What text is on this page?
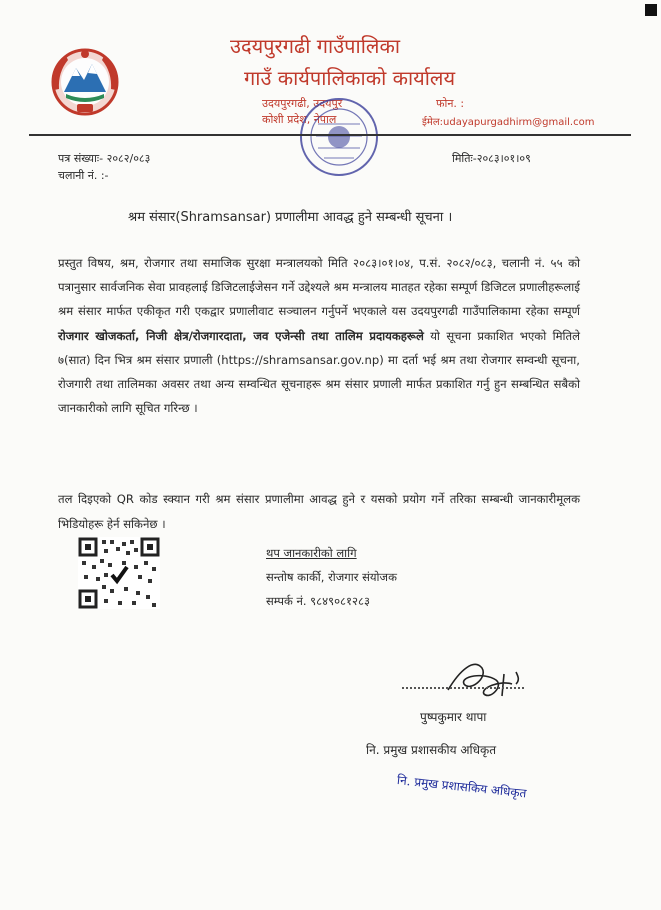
उदयपुरगढी गाउँपालिका
गाउँ कार्यपालिकाको कार्यालय
उदयपुरगढी, उदयपुर
कोशी प्रदेश, नेपाल
फोन. :
ईमेल:udayapurgadhirm@gmail.com
पत्र संख्याः- २०८२/०८३
चलानी नं. :-
मितिः-२०८३।०१।०९
श्रम संसार(Shramsansar) प्रणालीमा आवद्ध हुने सम्बन्धी सूचना ।
प्रस्तुत विषय, श्रम, रोजगार तथा समाजिक सुरक्षा मन्त्रालयको मिति २०८३।०१।०४, प.सं. २०८२/०८३, चलानी नं. ५५ को पत्रानुसार सार्वजनिक सेवा प्रावहलाई डिजिटलाईजेसन गर्ने उद्देश्यले श्रम मन्त्रालय मातहत रहेका सम्पूर्ण डिजिटल प्रणालीहरूलाई श्रम संसार मार्फत एकीकृत गरी एकद्वार प्रणालीवाट सञ्चालन गर्नुपर्ने भएकाले यस उदयपुरगढी गाउँपालिकामा रहेका सम्पूर्ण रोजगार खोजकर्ता, निजी क्षेत्र/रोजगारदाता, जव एजेन्सी तथा तालिम प्रदायकहरूले यो सूचना प्रकाशित भएको मितिले ७(सात) दिन भित्र श्रम संसार प्रणाली (https://shramsansar.gov.np) मा दर्ता भई श्रम तथा रोजगार सम्वन्धी सूचना, रोजगारी तथा तालिमका अवसर तथा अन्य सम्वन्धित सूचनाहरू श्रम संसार प्रणाली मार्फत प्रकाशित गर्नु हुन सम्बन्धित सबैको जानकारीको लागि सूचित गरिन्छ ।
तल दिइएको QR कोड स्क्यान गरी श्रम संसार प्रणालीमा आवद्ध हुने र यसको प्रयोग गर्ने तरिका सम्बन्धी जानकारीमूलक भिडियोहरू हेर्न सकिनेछ ।
थप जानकारीको लागि
सन्तोष कार्की, रोजगार संयोजक
सम्पर्क नं. ९८४९०८१२८३
पुष्पकुमार थापा
नि. प्रमुख प्रशासकीय अधिकृत
नि. प्रमुख प्रशासकिय अधिकृत
